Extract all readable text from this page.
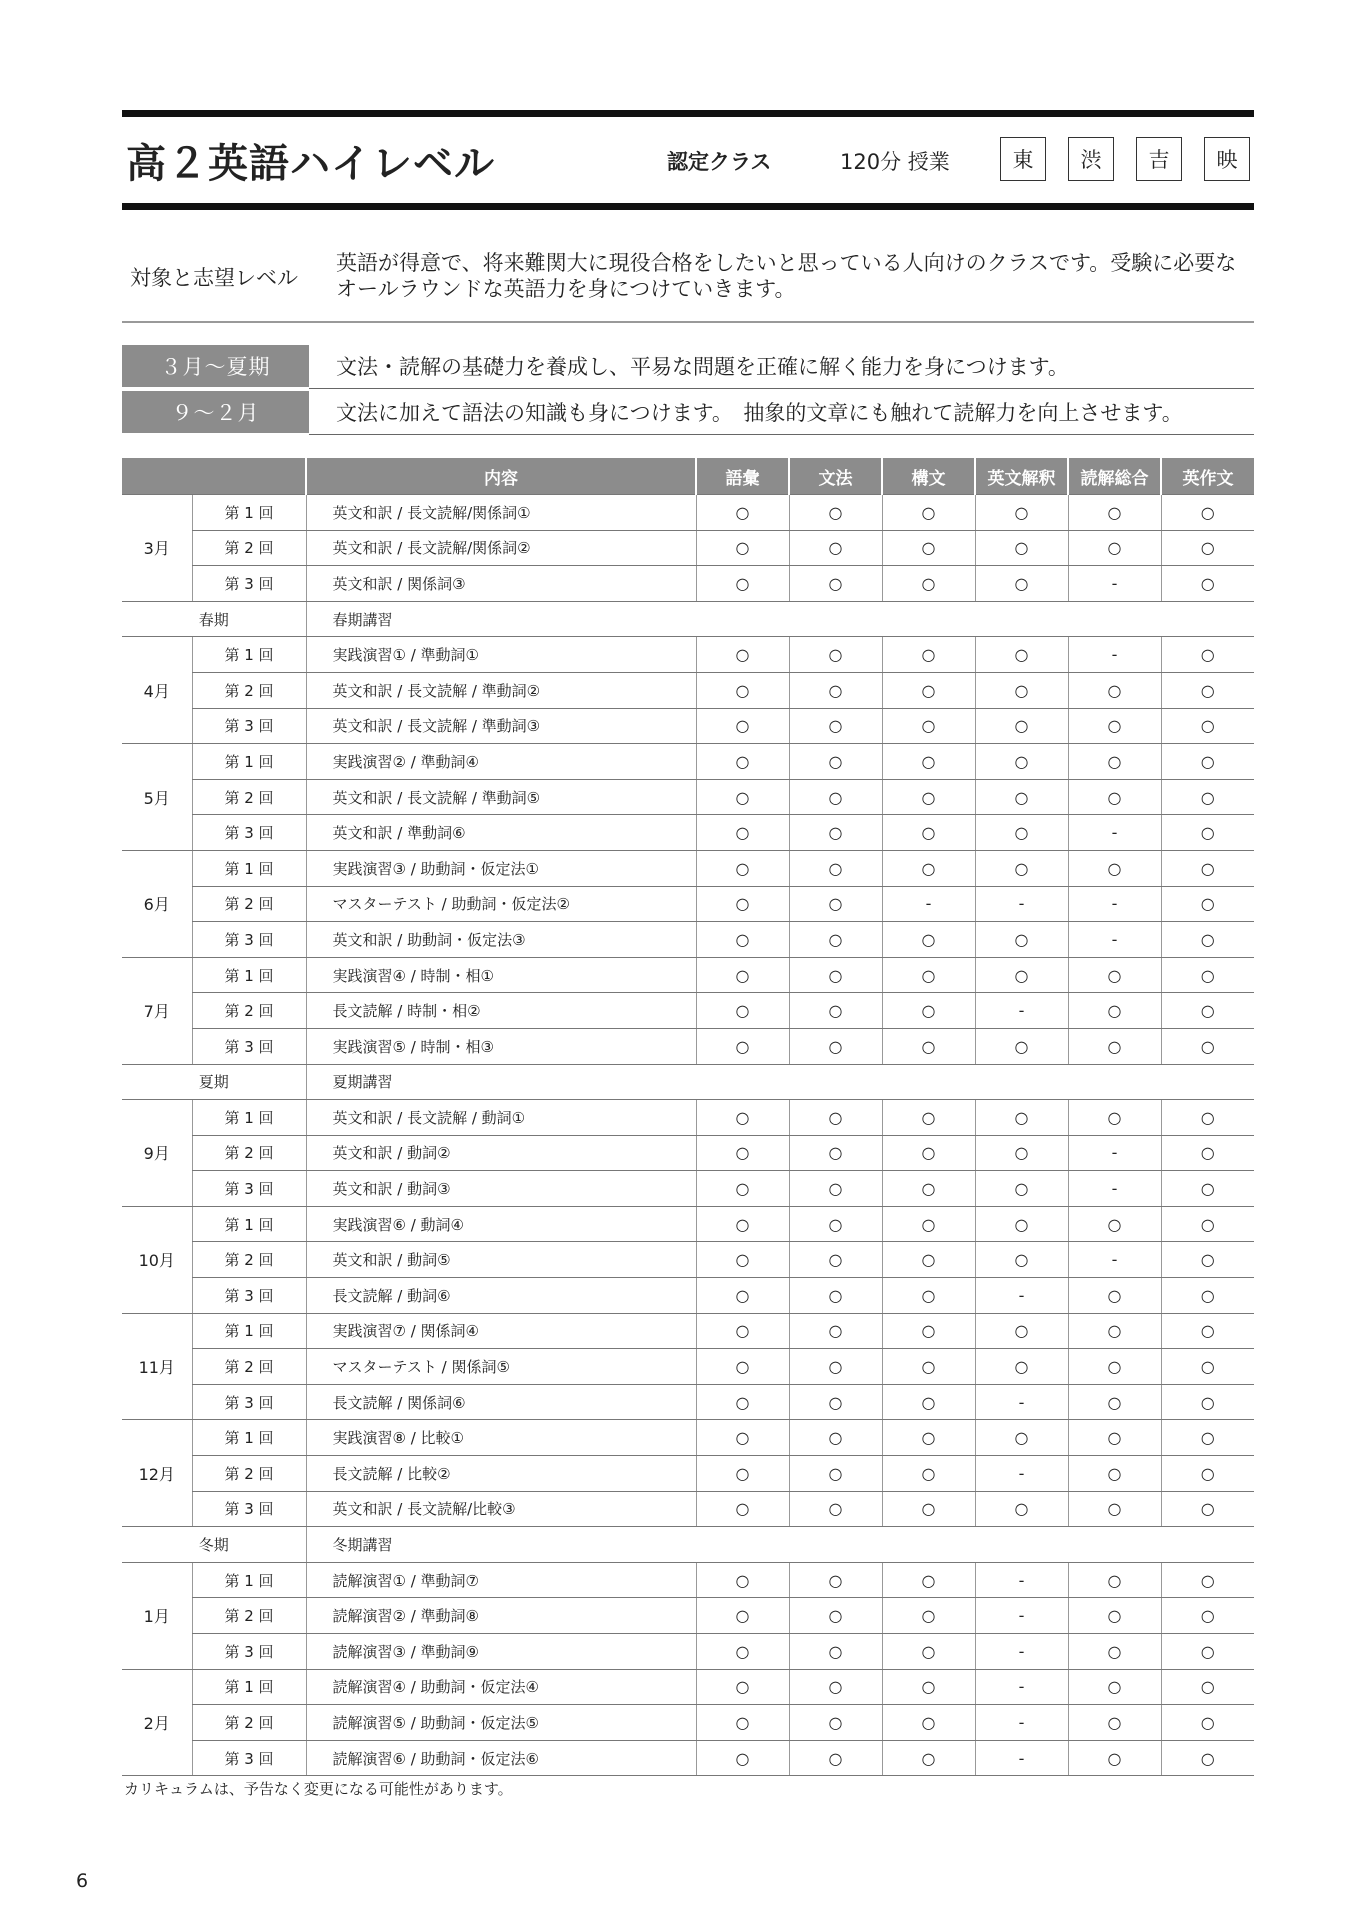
高２英語ハイレベル	認定クラス	120分 授業	東	渋	吉	映
対象と志望レベル
英語が得意で、将来難関大に現役合格をしたいと思っている人向けのクラスです。受験に必要なオールラウンドな英語力を身につけていきます。
３月～夏期	文法・読解の基礎力を養成し、平易な問題を正確に解く能力を身につけます。
９～２月	文法に加えて語法の知識も身につけます。　抽象的文章にも触れて読解力を向上させます。
		内容	語彙	文法	構文	英文解釈	読解総合	英作文
3月	第 1 回	英文和訳 / 長文読解/関係詞①	○	○	○	○	○	○
	第 2 回	英文和訳 / 長文読解/関係詞②	○	○	○	○	○	○
	第 3 回	英文和訳 / 関係詞③	○	○	○	○	-	○
春期		春期講習						
4月	第 1 回	実践演習① / 準動詞①	○	○	○	○	-	○
	第 2 回	英文和訳 / 長文読解 / 準動詞②	○	○	○	○	○	○
	第 3 回	英文和訳 / 長文読解 / 準動詞③	○	○	○	○	○	○
5月	第 1 回	実践演習② / 準動詞④	○	○	○	○	○	○
	第 2 回	英文和訳 / 長文読解 / 準動詞⑤	○	○	○	○	○	○
	第 3 回	英文和訳 / 準動詞⑥	○	○	○	○	-	○
6月	第 1 回	実践演習③ / 助動詞・仮定法①	○	○	○	○	○	○
	第 2 回	マスターテスト / 助動詞・仮定法②	○	○	-	-	-	○
	第 3 回	英文和訳 / 助動詞・仮定法③	○	○	○	○	-	○
7月	第 1 回	実践演習④ / 時制・相①	○	○	○	○	○	○
	第 2 回	長文読解 / 時制・相②	○	○	○	-	○	○
	第 3 回	実践演習⑤ / 時制・相③	○	○	○	○	○	○
夏期		夏期講習						
9月	第 1 回	英文和訳 / 長文読解 / 動詞①	○	○	○	○	○	○
	第 2 回	英文和訳 / 動詞②	○	○	○	○	-	○
	第 3 回	英文和訳 / 動詞③	○	○	○	○	-	○
10月	第 1 回	実践演習⑥ / 動詞④	○	○	○	○	○	○
	第 2 回	英文和訳 / 動詞⑤	○	○	○	○	-	○
	第 3 回	長文読解 / 動詞⑥	○	○	○	-	○	○
11月	第 1 回	実践演習⑦ / 関係詞④	○	○	○	○	○	○
	第 2 回	マスターテスト / 関係詞⑤	○	○	○	○	○	○
	第 3 回	長文読解 / 関係詞⑥	○	○	○	-	○	○
12月	第 1 回	実践演習⑧ / 比較①	○	○	○	○	○	○
	第 2 回	長文読解 / 比較②	○	○	○	-	○	○
	第 3 回	英文和訳 / 長文読解/比較③	○	○	○	○	○	○
冬期		冬期講習						
1月	第 1 回	読解演習① / 準動詞⑦	○	○	○	-	○	○
	第 2 回	読解演習② / 準動詞⑧	○	○	○	-	○	○
	第 3 回	読解演習③ / 準動詞⑨	○	○	○	-	○	○
2月	第 1 回	読解演習④ / 助動詞・仮定法④	○	○	○	-	○	○
	第 2 回	読解演習⑤ / 助動詞・仮定法⑤	○	○	○	-	○	○
	第 3 回	読解演習⑥ / 助動詞・仮定法⑥	○	○	○	-	○	○
カリキュラムは、予告なく変更になる可能性があります。
6
